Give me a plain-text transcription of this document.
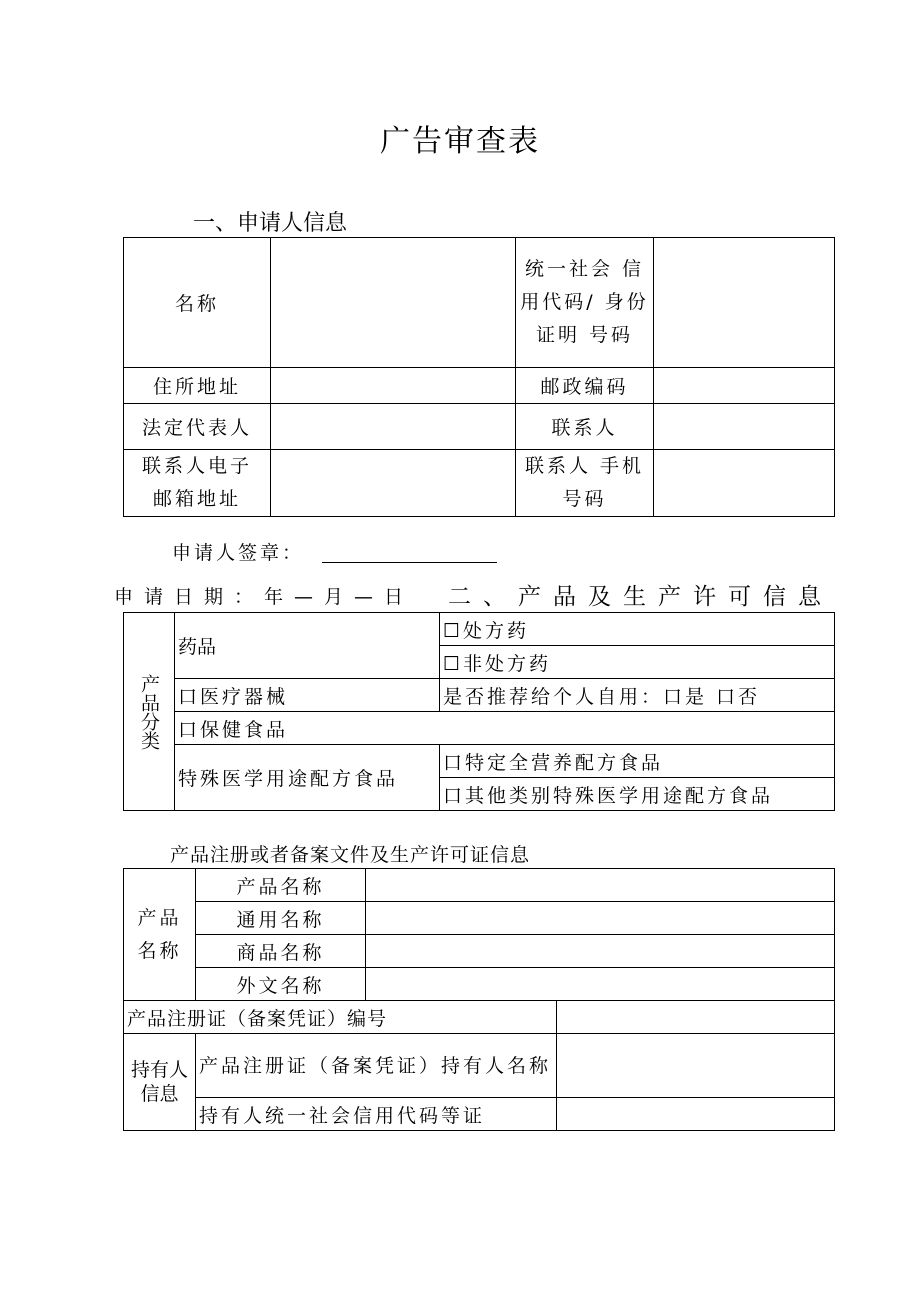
广告审查表
一、申请人信息
名称		统一社会 信用代码/ 身份证明 号码	
住所地址		邮政编码	
法定代表人		联系人	
联系人电子邮箱地址		联系人 手机号码	
申请人签章：
申请日期：年—月—日 二、产品及生产许可信息
产品分类	药品	☐处方药
		☐非处方药
	口医疗器械	是否推荐给个人自用：口是 口否
	口保健食品	
	特殊医学用途配方食品	口特定全营养配方食品
		口其他类别特殊医学用途配方食品
产品注册或者备案文件及生产许可证信息
产品名称	产品名称		
	通用名称		
	商品名称		
	外文名称		
产品注册证（备案凭证）编号			
持有人信息	产品注册证（备案凭证）持有人名称		
	持有人统一社会信用代码等证		
